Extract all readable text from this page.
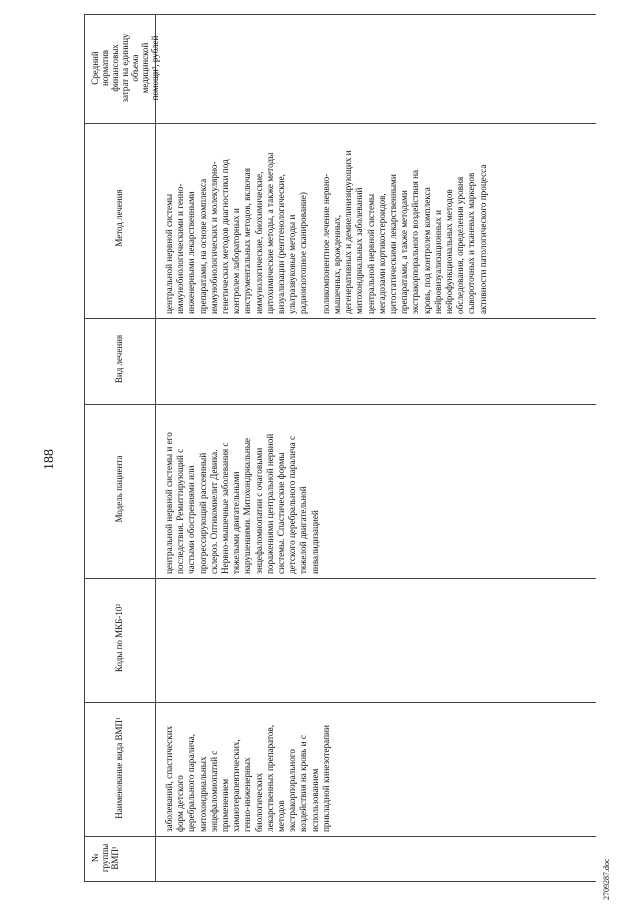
188
2709287.doc
№ группы ВМП¹
Наименование вида ВМП¹
Коды по МКБ-10²
Модель пациента
Вид лечения
Метод лечения
Средний норматив финансовых затрат на единицу объема медицинской помощи³, рублей
заболеваний, спастических форм детского церебрального паралича, митохондриальных энцефаломиопатий с применением химиотерапевтических, генно-инженерных биологических лекарственных препаратов, методов экстракорпорального воздействия на кровь и с использованием прикладной кинезотерапии
центральной нервной системы и его последствия. Ремиттирующий с частыми обострениями или прогрессирующий рассеянный склероз. Оптикомиелит Девика. Нервно-мышечные заболевания с тяжелыми двигательными нарушениями. Митохондриальные энцефаломиопатии с очаговыми поражениями центральной нервной системы. Спастические формы детского церебрального паралича с тяжелой двигательной инвалидизацией
центральной нервной системы иммунобиологическими и генно- инженерными лекарственными препаратами, на основе комплекса иммунобиологических и молекулярно- генетических методов диагностики под контролем лабораторных и инструментальных методов, включая иммунологические, биохимические, цитохимические методы, а также методы визуализации (рентгенологические, ультразвуковые методы и радиоизотопное сканирование) поликомпонентное лечение нервно- мышечных, врожденных, дегенеративных и демиелинизирующих и митохондриальных заболеваний центральной нервной системы мегадозами кортикостероидов, цитостатическими лекарственными препаратами, а также методами экстракорпорального воздействия на кровь, под контролем комплекса нейровизуализационных и нейрофункциональных методов обследования, определения уровня сывороточных и тканевых маркеров активности патологического процесса
